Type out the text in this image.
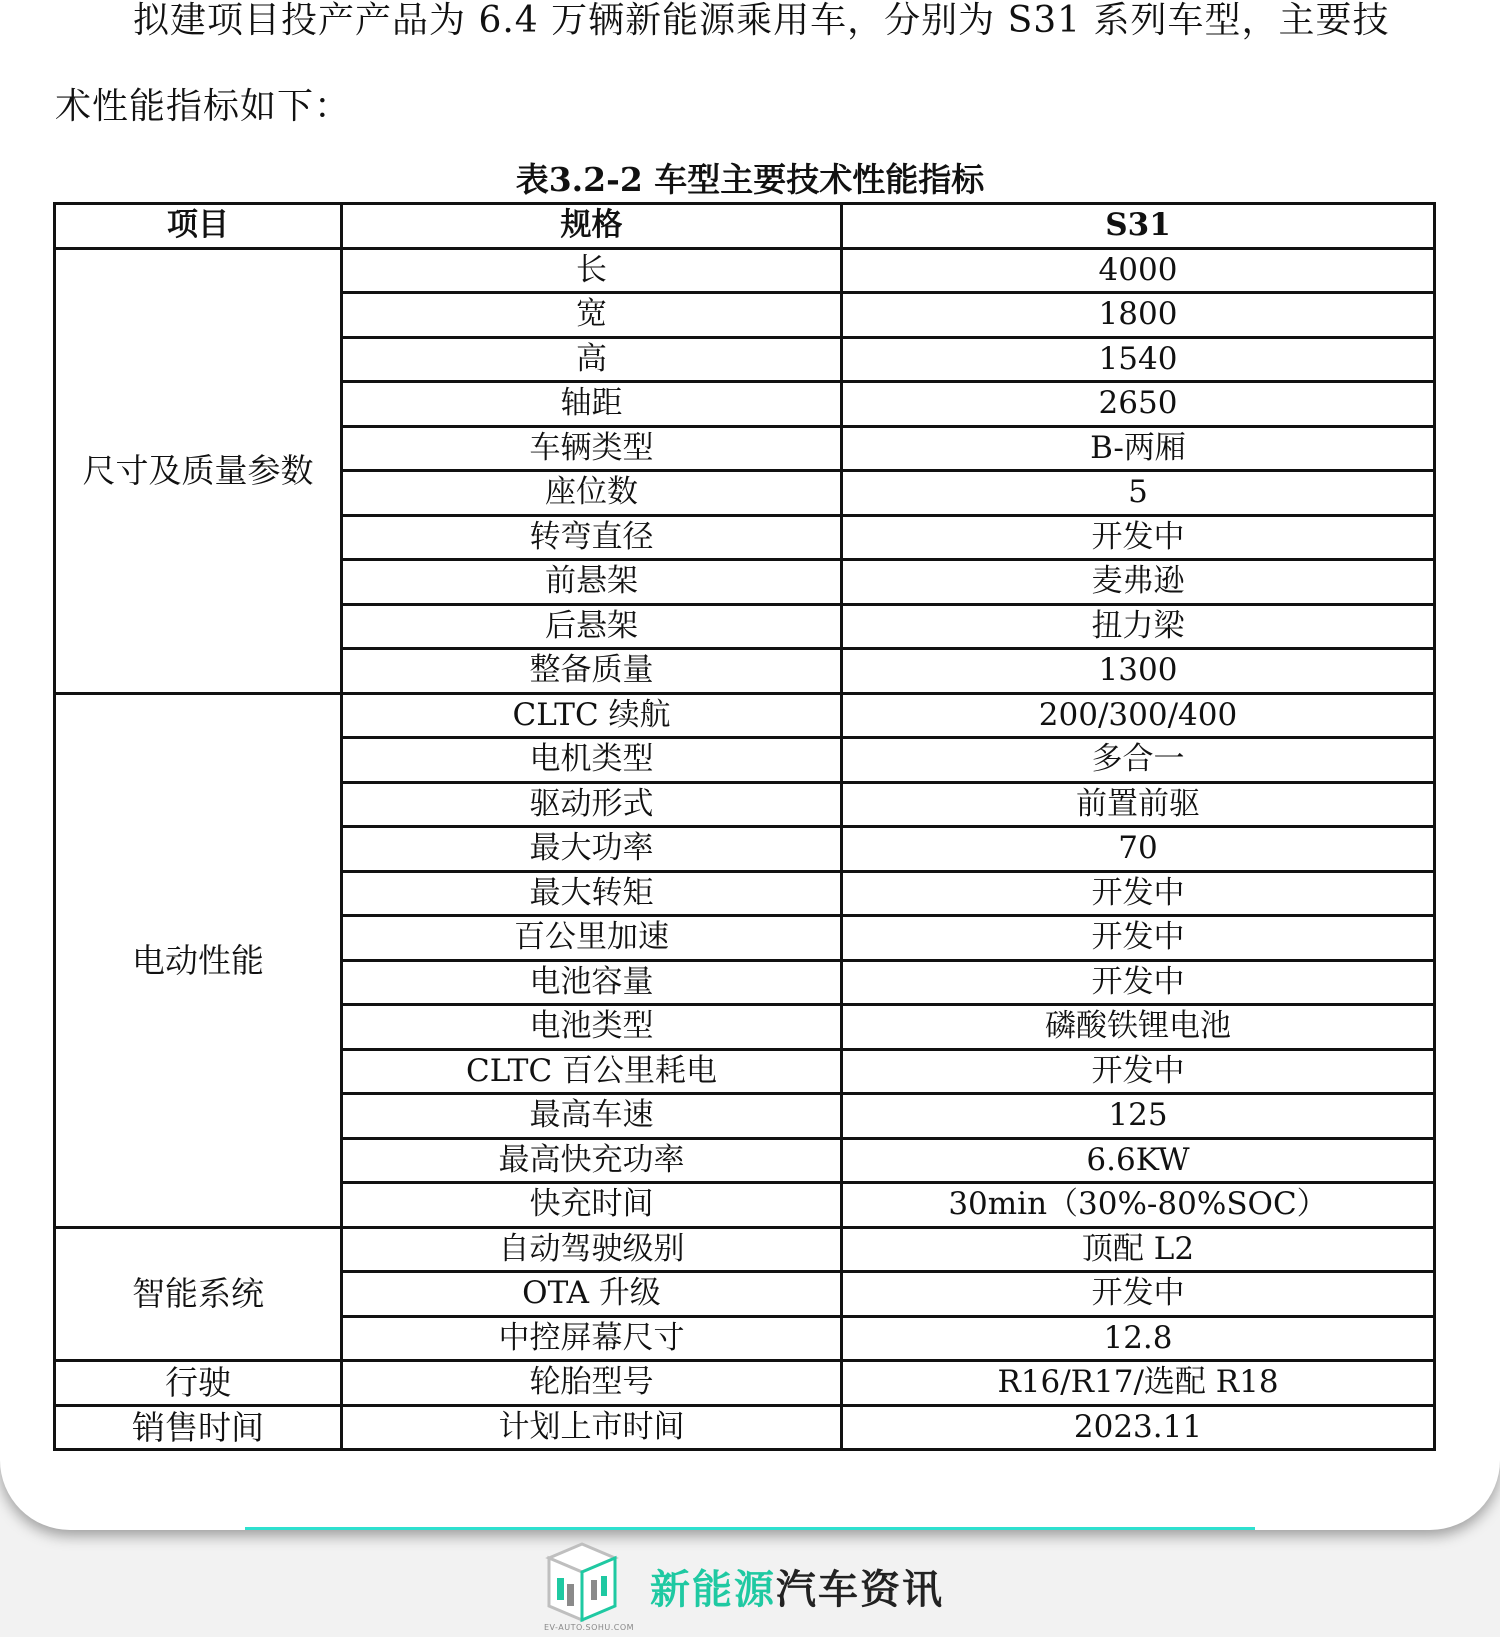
拟建项目投产产品为 6.4 万辆新能源乘用车，分别为 S31 系列车型，主要技

术性能指标如下：

表3.2-2 车型主要技术性能指标

项目	规格	S31
尺寸及质量参数	长	4000
	宽	1800
	高	1540
	轴距	2650
	车辆类型	B-两厢
	座位数	5
	转弯直径	开发中
	前悬架	麦弗逊
	后悬架	扭力梁
	整备质量	1300
电动性能	CLTC 续航	200/300/400
	电机类型	多合一
	驱动形式	前置前驱
	最大功率	70
	最大转矩	开发中
	百公里加速	开发中
	电池容量	开发中
	电池类型	磷酸铁锂电池
	CLTC 百公里耗电	开发中
	最高车速	125
	最高快充功率	6.6KW
	快充时间	30min（30%-80%SOC）
智能系统	自动驾驶级别	顶配 L2
	OTA 升级	开发中
	中控屏幕尺寸	12.8
行驶	轮胎型号	R16/R17/选配 R18
销售时间	计划上市时间	2023.11
EV-AUTO.SOHU.COM
新能源汽车资讯
